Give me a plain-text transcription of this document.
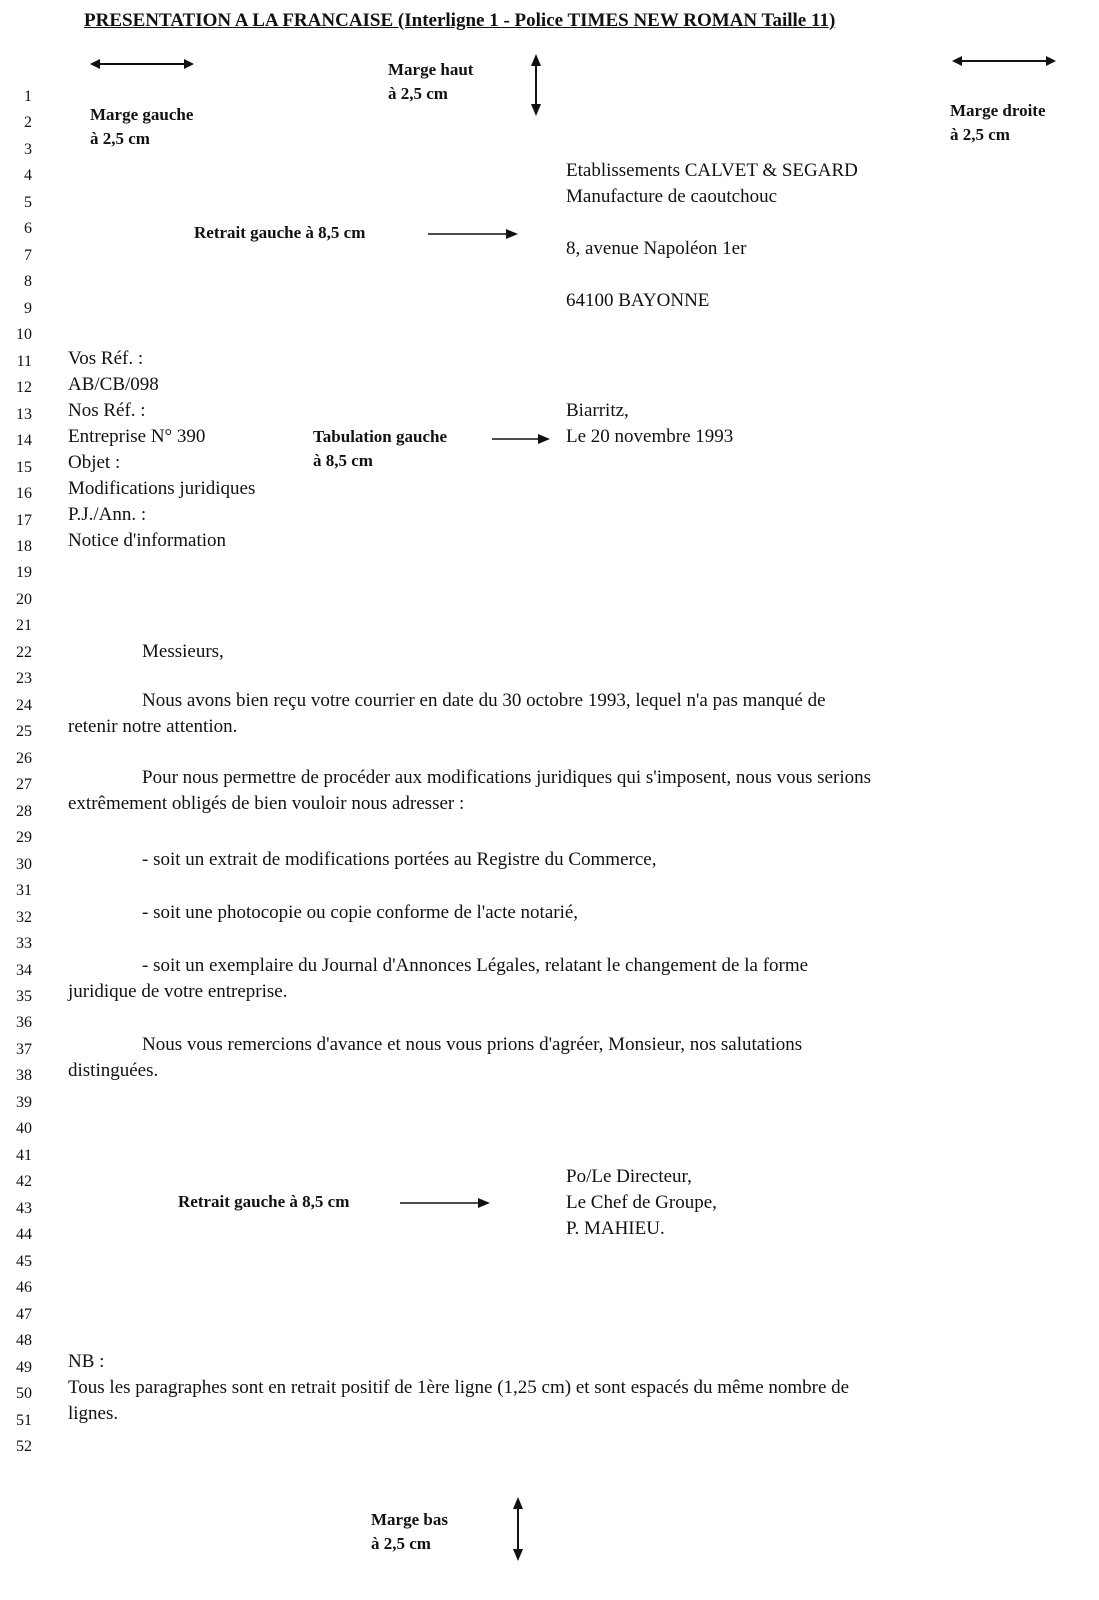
PRESENTATION A LA FRANCAISE (Interligne 1 - Police TIMES NEW ROMAN Taille 11)
Marge gauche
à 2,5 cm
Marge haut
à 2,5 cm
Marge droite
à 2,5 cm
1
2
3
4
5
6
7
8
9
10
11
12
13
14
15
16
17
18
19
20
21
22
23
24
25
26
27
28
29
30
31
32
33
34
35
36
37
38
39
40
41
42
43
44
45
46
47
48
49
50
51
52
Etablissements CALVET & SEGARD
Manufacture de caoutchouc
8, avenue Napoléon 1er
64100 BAYONNE
Retrait gauche à 8,5 cm
Vos Réf. :
AB/CB/098
Nos Réf. :
Entreprise N° 390
Objet :
Modifications juridiques
P.J./Ann. :
Notice d'information
Tabulation gauche
à 8,5 cm
Biarritz,
Le 20 novembre 1993
Messieurs,
Nous avons bien reçu votre courrier en date du 30 octobre 1993, lequel n'a pas manqué de
retenir notre attention.
Pour nous permettre de procéder aux modifications juridiques qui s'imposent, nous vous serions
extrêmement obligés de bien vouloir nous adresser :
- soit un extrait de modifications portées au Registre du Commerce,
- soit une photocopie ou copie conforme de l'acte notarié,
- soit un exemplaire du Journal d'Annonces Légales, relatant le changement de la forme
juridique de votre entreprise.
Nous vous remercions d'avance et nous vous prions d'agréer, Monsieur, nos salutations
distinguées.
Retrait gauche à 8,5 cm
Po/Le Directeur,
Le Chef de Groupe,
P. MAHIEU.
NB :
Tous les paragraphes sont en retrait positif de 1ère ligne (1,25 cm) et sont espacés du même nombre de
lignes.
Marge bas
à 2,5 cm
